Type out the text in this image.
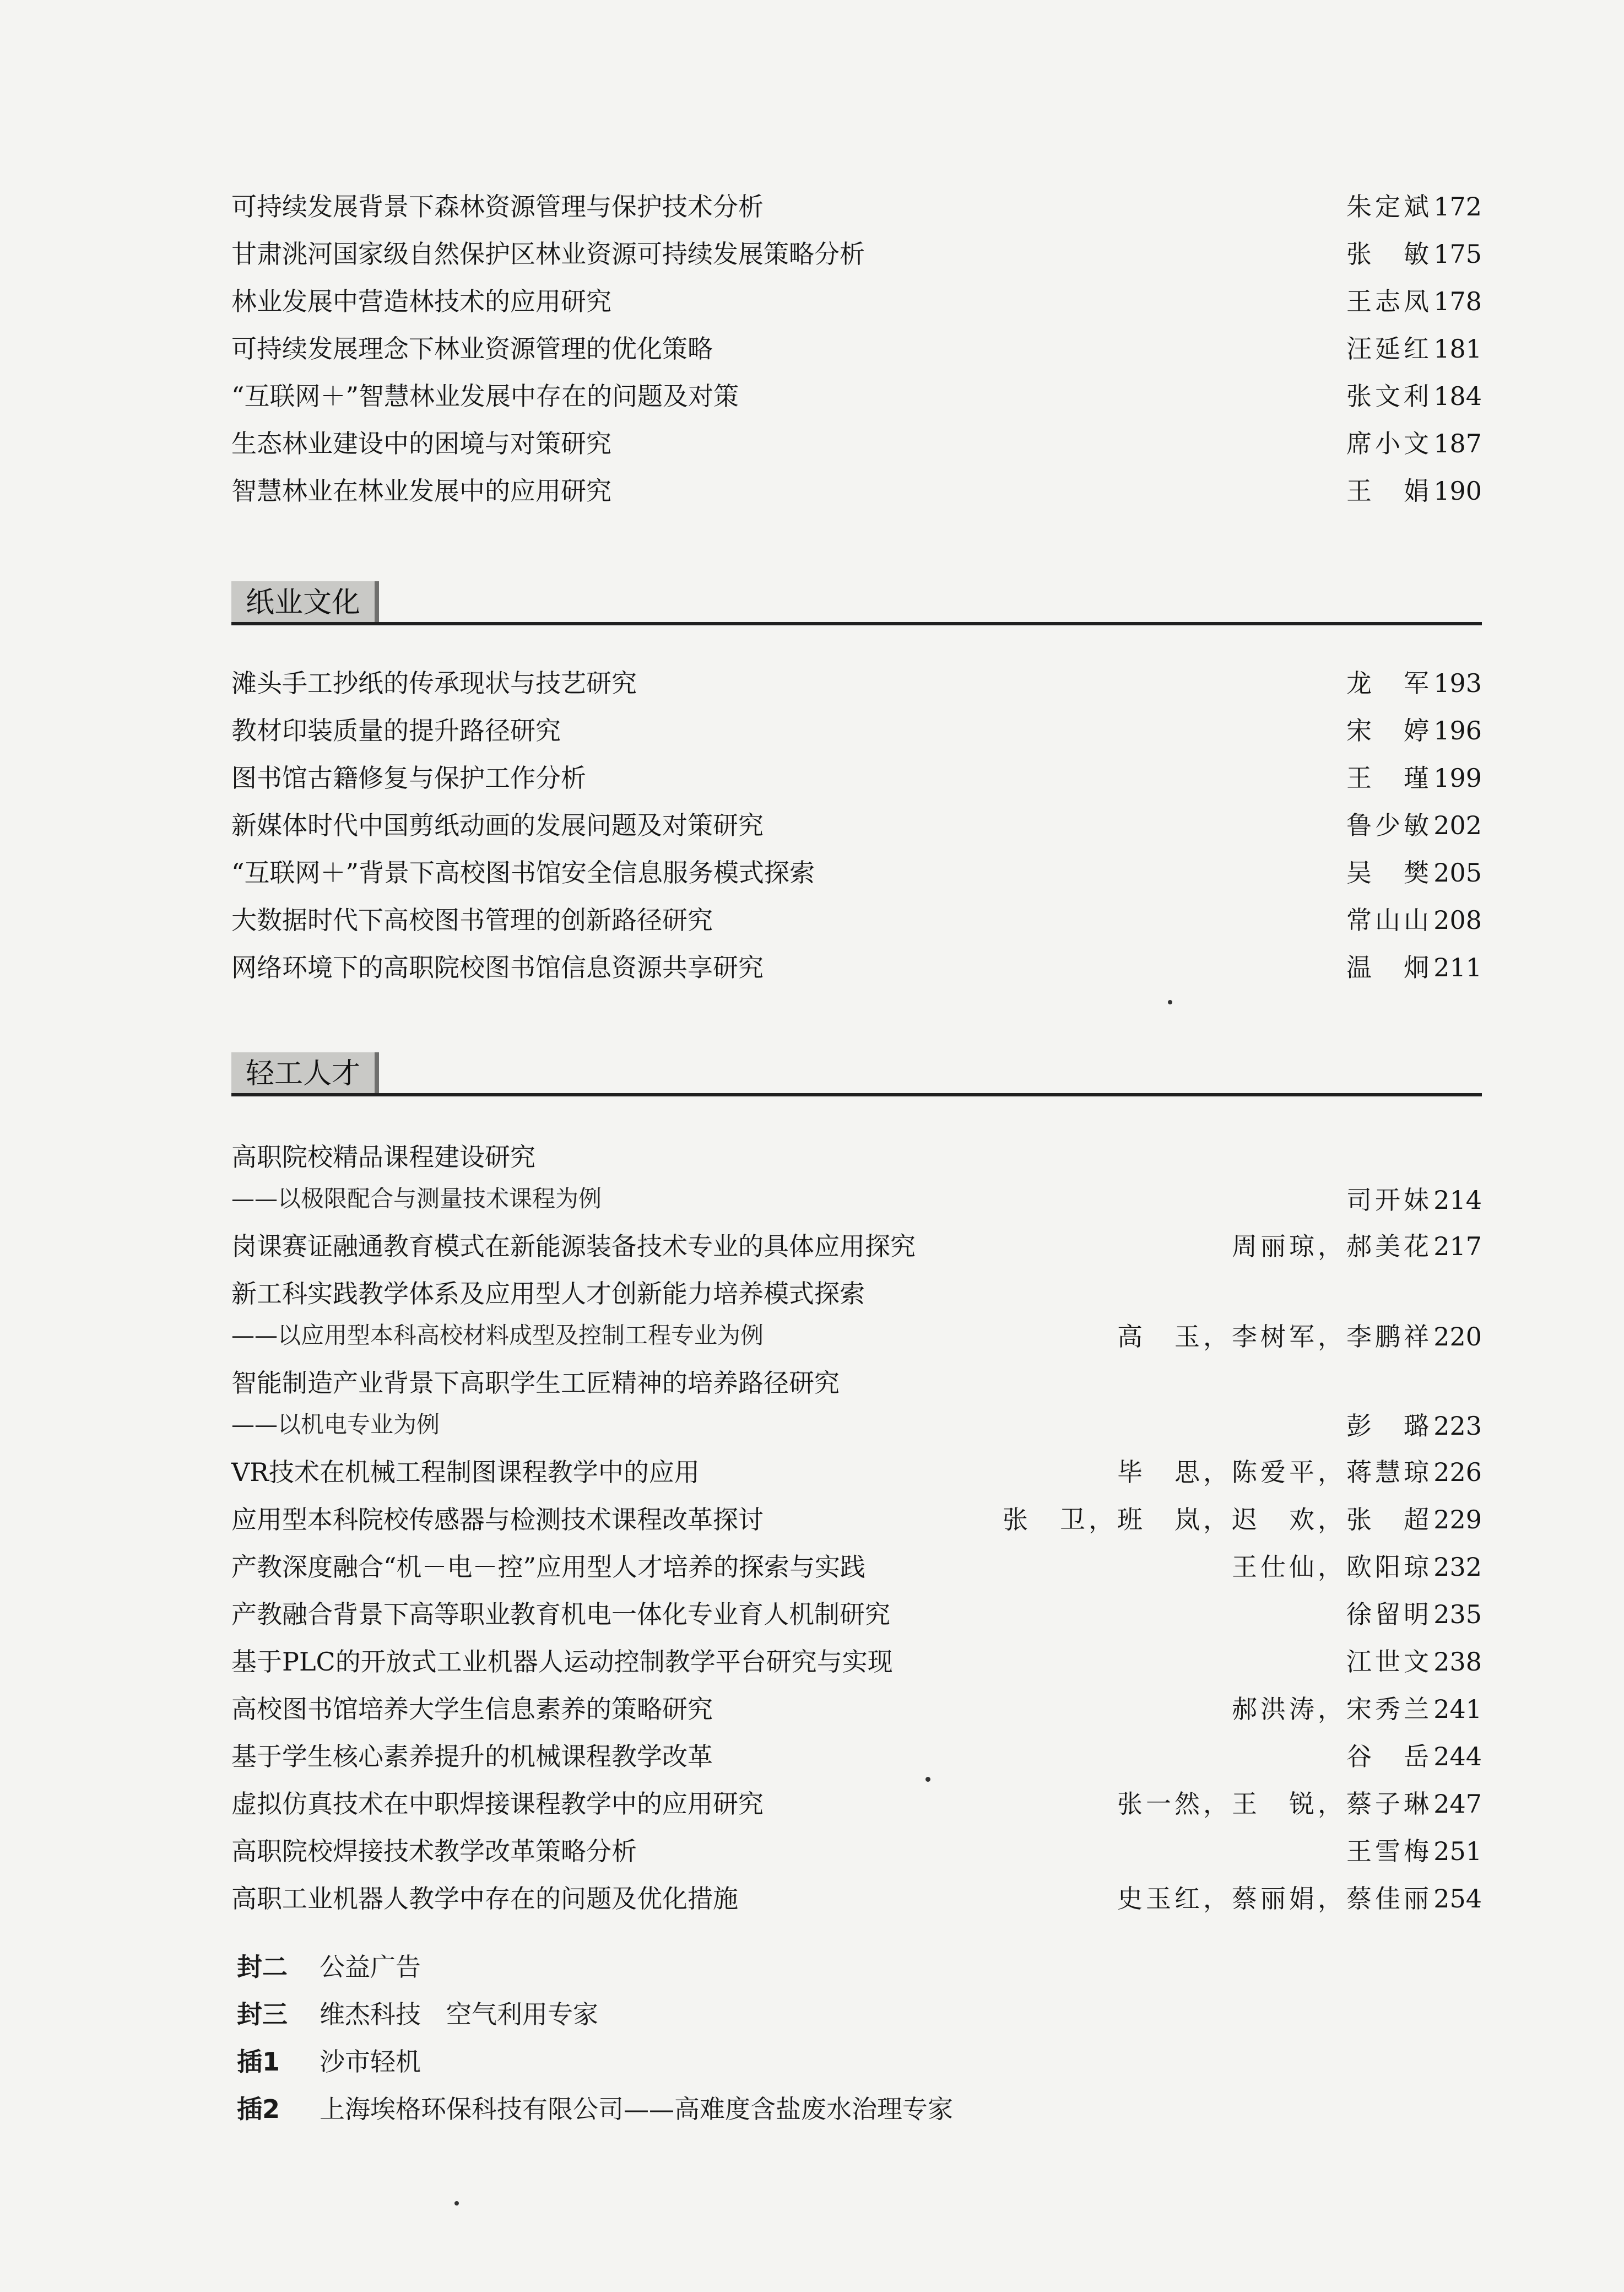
可持续发展背景下森林资源管理与保护技术分析	朱定斌172
甘肃洮河国家级自然保护区林业资源可持续发展策略分析	张　敏175
林业发展中营造林技术的应用研究	王志凤178
可持续发展理念下林业资源管理的优化策略	汪延红181
“互联网＋”智慧林业发展中存在的问题及对策	张文利184
生态林业建设中的困境与对策研究	席小文187
智慧林业在林业发展中的应用研究	王　娟190
纸业文化
滩头手工抄纸的传承现状与技艺研究	龙　军193
教材印装质量的提升路径研究	宋　婷196
图书馆古籍修复与保护工作分析	王　瑾199
新媒体时代中国剪纸动画的发展问题及对策研究	鲁少敏202
“互联网＋”背景下高校图书馆安全信息服务模式探索	吴　樊205
大数据时代下高校图书管理的创新路径研究	常山山208
网络环境下的高职院校图书馆信息资源共享研究	温　炯211
轻工人才
高职院校精品课程建设研究
——以极限配合与测量技术课程为例	司开妹214
岗课赛证融通教育模式在新能源装备技术专业的具体应用探究	周丽琼，郝美花217
新工科实践教学体系及应用型人才创新能力培养模式探索
——以应用型本科高校材料成型及控制工程专业为例	高　玉，李树军，李鹏祥220
智能制造产业背景下高职学生工匠精神的培养路径研究
——以机电专业为例	彭　璐223
VR技术在机械工程制图课程教学中的应用	毕　思，陈爱平，蒋慧琼226
应用型本科院校传感器与检测技术课程改革探讨	张　卫，班　岚，迟　欢，张　超229
产教深度融合“机－电－控”应用型人才培养的探索与实践	王仕仙，欧阳琼232
产教融合背景下高等职业教育机电一体化专业育人机制研究	徐留明235
基于PLC的开放式工业机器人运动控制教学平台研究与实现	江世文238
高校图书馆培养大学生信息素养的策略研究	郝洪涛，宋秀兰241
基于学生核心素养提升的机械课程教学改革	谷　岳244
虚拟仿真技术在中职焊接课程教学中的应用研究	张一然，王　锐，蔡子琳247
高职院校焊接技术教学改革策略分析	王雪梅251
高职工业机器人教学中存在的问题及优化措施	史玉红，蔡丽娟，蔡佳丽254
封二 公益广告
封三 维杰科技　空气利用专家
插1 沙市轻机
插2 上海埃格环保科技有限公司——高难度含盐废水治理专家
